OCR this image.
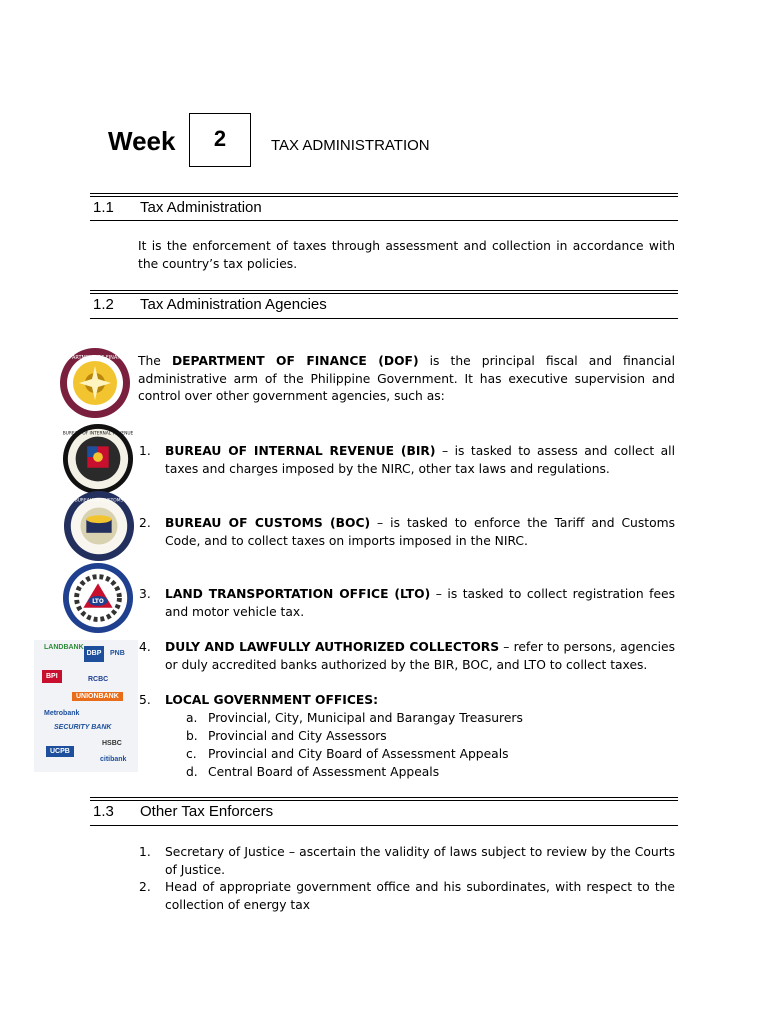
Week	2	TAX ADMINISTRATION
1.1 Tax Administration
It is the enforcement of taxes through assessment and collection in accordance with the country’s tax policies.
1.2 Tax Administration Agencies
DEPARTMENT OF FINANCE The DEPARTMENT OF FINANCE (DOF) is the principal fiscal and financial administrative arm of the Philippine Government. It has executive supervision and control over other government agencies, such as:
BUREAU OF INTERNAL REVENUE
1. BUREAU OF INTERNAL REVENUE (BIR) – is tasked to assess and collect all taxes and charges imposed by the NIRC, other tax laws and regulations.
BUREAU OF CUSTOMS
2. BUREAU OF CUSTOMS (BOC) – is tasked to enforce the Tariff and Customs Code, and to collect taxes on imports imposed in the NIRC.
LTO
3. LAND TRANSPORTATION OFFICE (LTO) – is tasked to collect registration fees and motor vehicle tax.
LANDBANK
DBP	PNB
BPI	RCBC
UNIONBANK
Metrobank
SECURITY BANK
HSBC
UCPB
citibank
4. DULY AND LAWFULLY AUTHORIZED COLLECTORS – refer to persons, agencies or duly accredited banks authorized by the BIR, BOC, and LTO to collect taxes.
5. LOCAL GOVERNMENT OFFICES:
a. Provincial, City, Municipal and Barangay Treasurers
b. Provincial and City Assessors
c. Provincial and City Board of Assessment Appeals
d. Central Board of Assessment Appeals
1.3 Other Tax Enforcers
1. Secretary of Justice – ascertain the validity of laws subject to review by the Courts of Justice.
2. Head of appropriate government office and his subordinates, with respect to the collection of energy tax
